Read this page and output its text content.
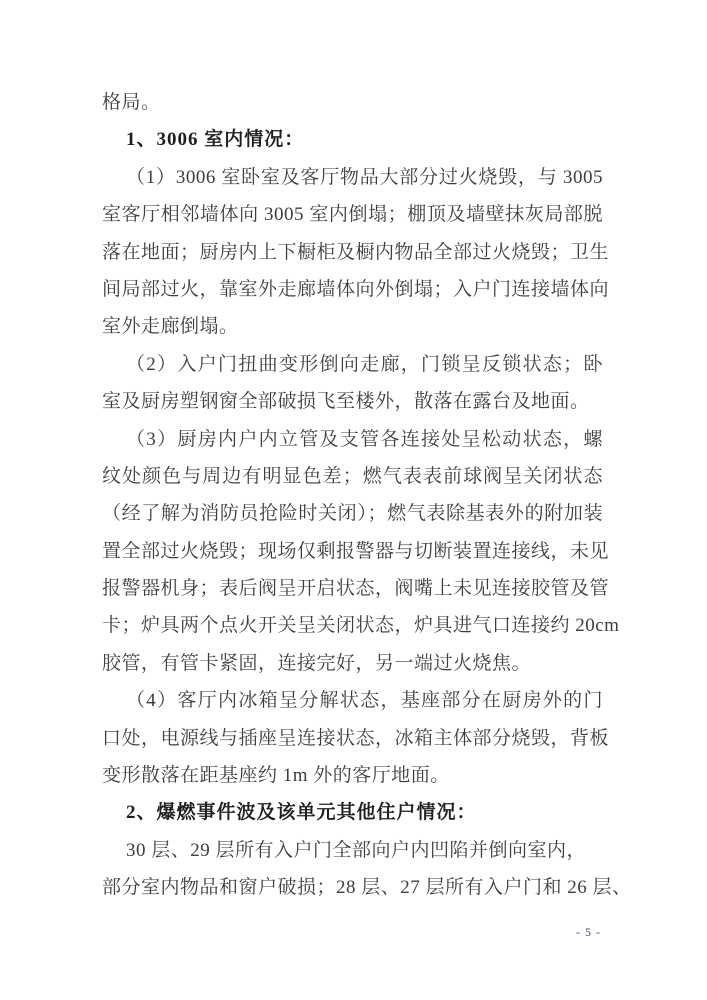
格局。
1、3006 室内情况：
（1）3006 室卧室及客厅物品大部分过火烧毁，与 3005
室客厅相邻墙体向 3005 室内倒塌；棚顶及墙壁抹灰局部脱
落在地面；厨房内上下橱柜及橱内物品全部过火烧毁；卫生
间局部过火，靠室外走廊墙体向外倒塌；入户门连接墙体向
室外走廊倒塌。
（2）入户门扭曲变形倒向走廊，门锁呈反锁状态；卧
室及厨房塑钢窗全部破损飞至楼外，散落在露台及地面。
（3）厨房内户内立管及支管各连接处呈松动状态，螺
纹处颜色与周边有明显色差；燃气表表前球阀呈关闭状态
（经了解为消防员抢险时关闭）；燃气表除基表外的附加装
置全部过火烧毁；现场仅剩报警器与切断装置连接线，未见
报警器机身；表后阀呈开启状态，阀嘴上未见连接胶管及管
卡；炉具两个点火开关呈关闭状态，炉具进气口连接约 20cm
胶管，有管卡紧固，连接完好，另一端过火烧焦。
（4）客厅内冰箱呈分解状态，基座部分在厨房外的门
口处，电源线与插座呈连接状态，冰箱主体部分烧毁，背板
变形散落在距基座约 1m 外的客厅地面。
2、爆燃事件波及该单元其他住户情况：
30 层、29 层所有入户门全部向户内凹陷并倒向室内，
部分室内物品和窗户破损；28 层、27 层所有入户门和 26 层、
- 5 -
